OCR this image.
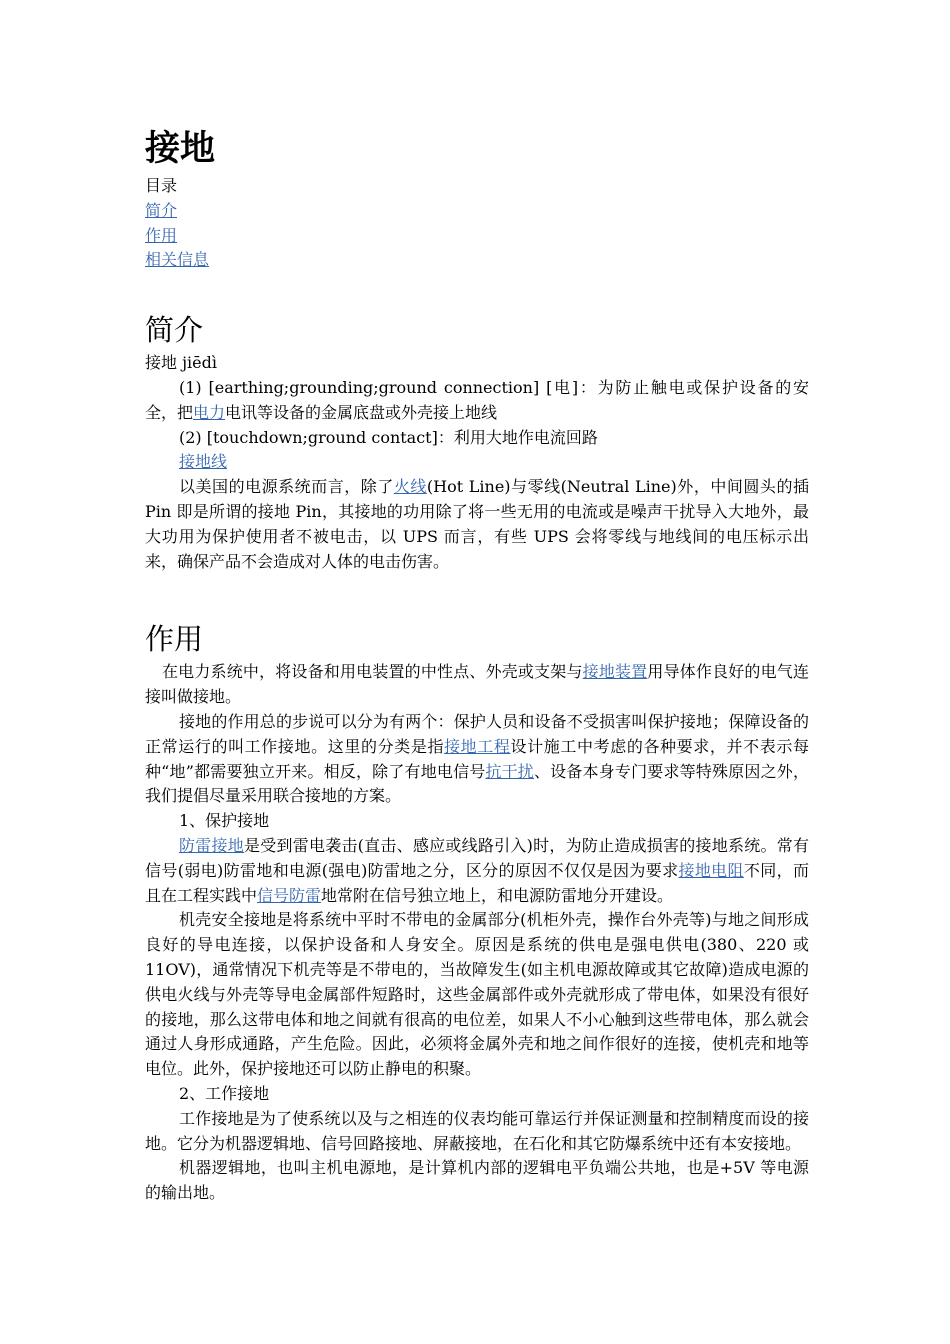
接地
目录
简介
作用
相关信息
简介

接地 jiēdì

(1) [earthing;grounding;ground connection] [电]：为防止触电或保护设备的安全，把电力电讯等设备的金属底盘或外壳接上地线

(2) [touchdown;ground contact]：利用大地作电流回路

接地线

以美国的电源系统而言，除了火线(Hot Line)与零线(Neutral Line)外，中间圆头的插 Pin 即是所谓的接地 Pin，其接地的功用除了将一些无用的电流或是噪声干扰导入大地外，最大功用为保护使用者不被电击，以 UPS 而言，有些 UPS 会将零线与地线间的电压标示出来，确保产品不会造成对人体的电击伤害。

作用

在电力系统中，将设备和用电装置的中性点、外壳或支架与接地装置用导体作良好的电气连接叫做接地。

接地的作用总的步说可以分为有两个：保护人员和设备不受损害叫保护接地；保障设备的正常运行的叫工作接地。这里的分类是指接地工程设计施工中考虑的各种要求，并不表示每种“地”都需要独立开来。相反，除了有地电信号抗干扰、设备本身专门要求等特殊原因之外，我们提倡尽量采用联合接地的方案。

1、保护接地

防雷接地是受到雷电袭击(直击、感应或线路引入)时，为防止造成损害的接地系统。常有信号(弱电)防雷地和电源(强电)防雷地之分，区分的原因不仅仅是因为要求接地电阻不同，而且在工程实践中信号防雷地常附在信号独立地上，和电源防雷地分开建设。

机壳安全接地是将系统中平时不带电的金属部分(机柜外壳，操作台外壳等)与地之间形成良好的导电连接，以保护设备和人身安全。原因是系统的供电是强电供电(380、220 或 11OV)，通常情况下机壳等是不带电的，当故障发生(如主机电源故障或其它故障)造成电源的供电火线与外壳等导电金属部件短路时，这些金属部件或外壳就形成了带电体，如果没有很好的接地，那么这带电体和地之间就有很高的电位差，如果人不小心触到这些带电体，那么就会通过人身形成通路，产生危险。因此，必须将金属外壳和地之间作很好的连接，使机壳和地等电位。此外，保护接地还可以防止静电的积聚。

2、工作接地

工作接地是为了使系统以及与之相连的仪表均能可靠运行并保证测量和控制精度而设的接地。它分为机器逻辑地、信号回路接地、屏蔽接地，在石化和其它防爆系统中还有本安接地。

机器逻辑地，也叫主机电源地，是计算机内部的逻辑电平负端公共地，也是+5V 等电源的输出地。
